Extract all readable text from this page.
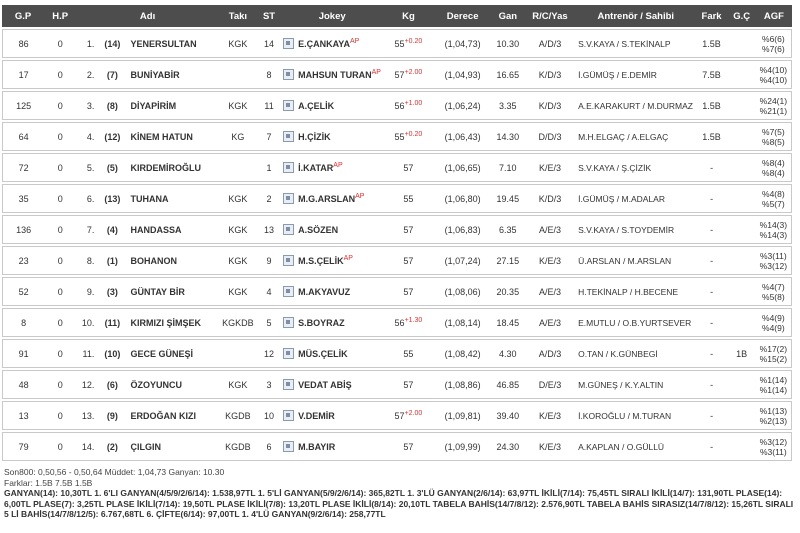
G.P	H.P	Adı			Takı	ST	Jokey		Kg	Derece	Gan	R/C/Yas	Antrenör / Sahibi	Fark	G.Ç	AGF
86	0	1.	(14)	YENERSULTAN	KGK	14		$E.ÇANKAYA^{AP}$	$55^{+0.20}$	(1,04,73)	10.30	A/D/3	S.V.KAYA / S.TEKİNALP	1.5B		%6(6)
%7(6)

17	0	2.	(7)	BUNİYABİR		8		MAHSUN $TURAN^{AP}$	$57^{+2.00}$	(1,04,93)	16.65	K/D/3	İ.GÜMÜŞ / E.DEMİR	7.5B		%4(10)
%4(10)

125	0	3.	(8)	DİYAPİRİM	KGK	11		A.ÇELİK	$56^{+1.00}$	(1,06,24)	3.35	K/D/3	A.E.KARAKURT / M.DURMAZ	1.5B		%24(1)
%21(1)

64	0	4.	(12)	KİNEM HATUN	KG	7		H.ÇİZİK	$55^{+0.20}$	(1,06,43)	14.30	D/D/3	M.H.ELGAÇ / A.ELGAÇ	1.5B		%7(5)
%8(5)

72	0	5.	(5)	KIRDEMİROĞLU		1		$İ.KATAR^{AP}$	57	(1,06,65)	7.10	K/E/3	S.V.KAYA / Ş.ÇİZİK	-		%8(4)
%8(4)

35	0	6.	(13)	TUHANA	KGK	2		$M.G.ARSLAN^{AP}$	55	(1,06,80)	19.45	K/D/3	İ.GÜMÜŞ / M.ADALAR	-		%4(8)
%5(7)

136	0	7.	(4)	HANDASSA	KGK	13		A.SÖZEN	57	(1,06,83)	6.35	A/E/3	S.V.KAYA / S.TOYDEMİR	-		%14(3)
%14(3)

23	0	8.	(1)	BOHANON	KGK	9		$M.S.ÇELİK^{AP}$	57	(1,07,24)	27.15	K/E/3	Ü.ARSLAN / M.ARSLAN	-		%3(11)
%3(12)

52	0	9.	(3)	GÜNTAY BİR	KGK	4		M.AKYAVUZ	57	(1,08,06)	20.35	A/E/3	H.TEKİNALP / H.BECENE	-		%4(7)
%5(8)

8	0	10.	(11)	KIRMIZI ŞİMŞEK	KGKDB	5		S.BOYRAZ	$56^{+1.30}$	(1,08,14)	18.45	A/E/3	E.MUTLU / O.B.YURTSEVER	-		%4(9)
%4(9)

91	0	11.	(10)	GECE GÜNEŞİ		12		MÜS.ÇELİK	55	(1,08,42)	4.30	A/D/3	O.TAN / K.GÜNBEGİ	-	1B	%17(2)
%15(2)

48	0	12.	(6)	ÖZOYUNCU	KGK	3		VEDAT ABİŞ	57	(1,08,86)	46.85	D/E/3	M.GÜNEŞ / K.Y.ALTIN	-		%1(14)
%1(14)

13	0	13.	(9)	ERDOĞAN KIZI	KGDB	10		V.DEMİR	$57^{+2.00}$	(1,09,81)	39.40	K/E/3	İ.KOROĞLU / M.TURAN	-		%1(13)
%2(13)

79	0	14.	(2)	ÇILGIN	KGDB	6		M.BAYIR	57	(1,09,99)	24.30	K/E/3	A.KAPLAN / O.GÜLLÜ	-		%3(12)
%3(11)
Son800: 0,50,56 - 0,50,64 Müddet: 1,04,73 Ganyan: 10.30
Farklar: 1.5B 7.5B 1.5B
GANYAN(14): 10,30TL 1. 6'LI GANYAN(4/5/9/2/6/14): 1.538,97TL 1. 5'Lİ GANYAN(5/9/2/6/14): 365,82TL 1. 3'LÜ GANYAN(2/6/14): 63,97TL İKİLİ(7/14): 75,45TL SIRALI İKİLİ(14/7): 131,90TL PLASE(14): 6,00TL PLASE(7): 3,25TL PLASE İKİLİ(7/14): 19,50TL PLASE İKİLİ(7/8): 13,20TL PLASE İKİLİ(8/14): 20,10TL TABELA BAHİS(14/7/8/12): 2.576,90TL TABELA BAHİS SIRASIZ(14/7/8/12): 15,26TL SIRALI 5 Lİ BAHİS(14/7/8/12/5): 6.767,68TL 6. ÇİFTE(6/14): 97,00TL 1. 4'LÜ GANYAN(9/2/6/14): 258,77TL
